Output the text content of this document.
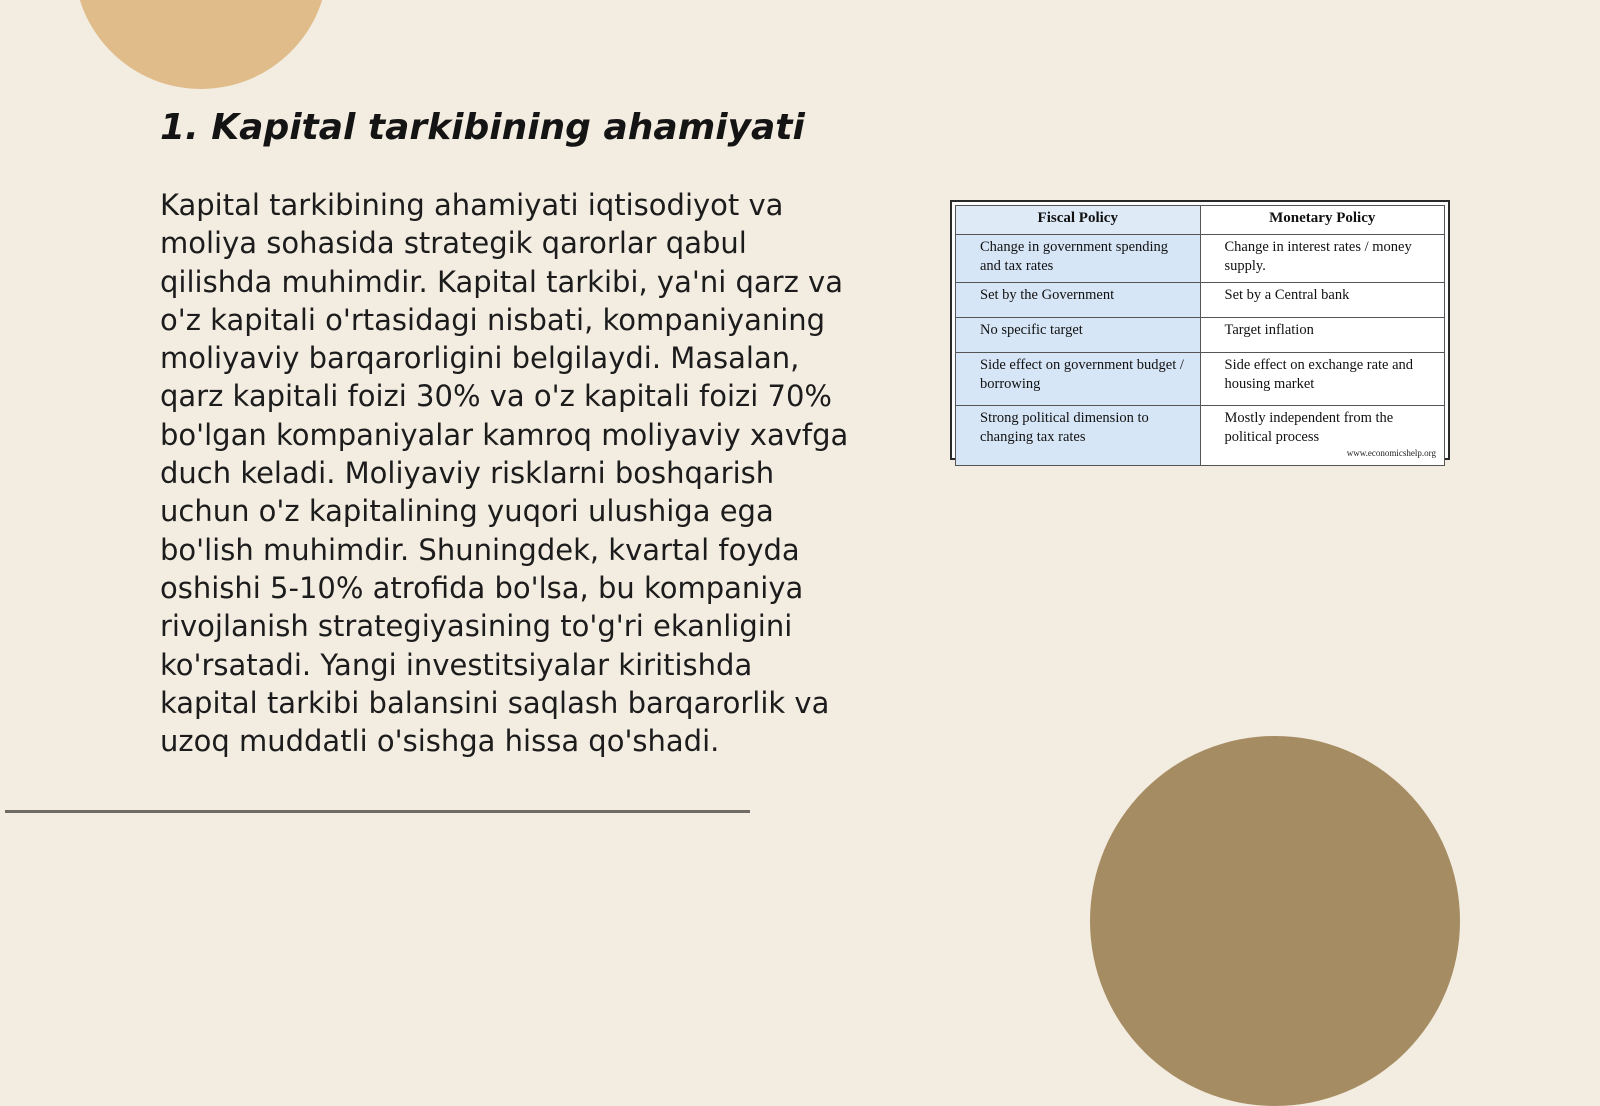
1. Kapital tarkibining ahamiyati

Kapital tarkibining ahamiyati iqtisodiyot va moliya sohasida strategik qarorlar qabul qilishda muhimdir. Kapital tarkibi, ya'ni qarz va o'z kapitali o'rtasidagi nisbati, kompaniyaning moliyaviy barqarorligini belgilaydi. Masalan, qarz kapitali foizi 30% va o'z kapitali foizi 70% bo'lgan kompaniyalar kamroq moliyaviy xavfga duch keladi. Moliyaviy risklarni boshqarish uchun o'z kapitalining yuqori ulushiga ega bo'lish muhimdir. Shuningdek, kvartal foyda oshishi 5-10% atrofida bo'lsa, bu kompaniya rivojlanish strategiyasining to'g'ri ekanligini ko'rsatadi. Yangi investitsiyalar kiritishda kapital tarkibi balansini saqlash barqarorlik va uzoq muddatli o'sishga hissa qo'shadi.

Fiscal Policy	Monetary Policy
Change in government spending and tax rates	Change in interest rates / money supply.
Set by the Government	Set by a Central bank
No specific target	Target inflation
Side effect on government budget / borrowing	Side effect on exchange rate and housing market
Strong political dimension to changing tax rates	Mostly independent from the political process
www.economicshelp.org
